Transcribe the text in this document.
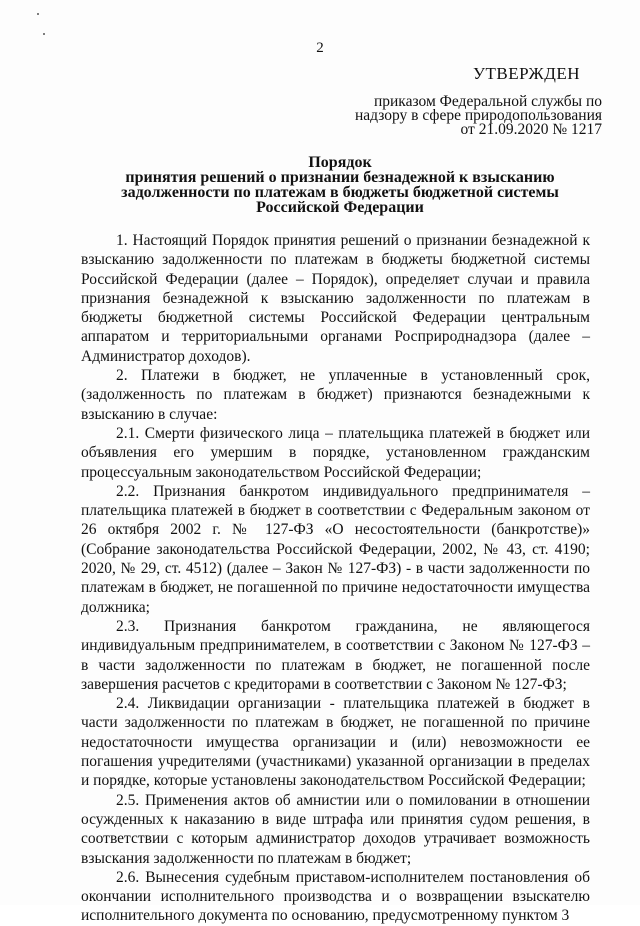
2
УТВЕРЖДЕН
приказом Федеральной службы по
надзору в сфере природопользования
от 21.09.2020 № 1217
Порядок
принятия решений о признании безнадежной к взысканию
задолженности по платежам в бюджеты бюджетной системы
Российской Федерации

1. Настоящий Порядок принятия решений о признании безнадежной к взысканию задолженности по платежам в бюджеты бюджетной системы Российской Федерации (далее – Порядок), определяет случаи и правила признания безнадежной к взысканию задолженности по платежам в бюджеты бюджетной системы Российской Федерации центральным аппаратом и территориальными органами Росприроднадзора (далее – Администратор доходов).

2. Платежи в бюджет, не уплаченные в установленный срок, (задолженность по платежам в бюджет) признаются безнадежными к взысканию в случае:

2.1. Смерти физического лица – плательщика платежей в бюджет или объявления его умершим в порядке, установленном гражданским процессуальным законодательством Российской Федерации;

2.2. Признания банкротом индивидуального предпринимателя – плательщика платежей в бюджет в соответствии с Федеральным законом от 26 октября 2002 г. № 127-ФЗ «О несостоятельности (банкротстве)» (Собрание законодательства Российской Федерации, 2002, № 43, ст. 4190; 2020, № 29, ст. 4512) (далее – Закон № 127-ФЗ) - в части задолженности по платежам в бюджет, не погашенной по причине недостаточности имущества должника;

2.3. Признания банкротом гражданина, не являющегося индивидуальным предпринимателем, в соответствии с Законом № 127-ФЗ – в части задолженности по платежам в бюджет, не погашенной после завершения расчетов с кредиторами в соответствии с Законом № 127-ФЗ;

2.4. Ликвидации организации - плательщика платежей в бюджет в части задолженности по платежам в бюджет, не погашенной по причине недостаточности имущества организации и (или) невозможности ее погашения учредителями (участниками) указанной организации в пределах и порядке, которые установлены законодательством Российской Федерации;

2.5. Применения актов об амнистии или о помиловании в отношении осужденных к наказанию в виде штрафа или принятия судом решения, в соответствии с которым администратор доходов утрачивает возможность взыскания задолженности по платежам в бюджет;

2.6. Вынесения судебным приставом-исполнителем постановления об окончании исполнительного производства и о возвращении взыскателю исполнительного документа по основанию, предусмотренному пунктом 3
